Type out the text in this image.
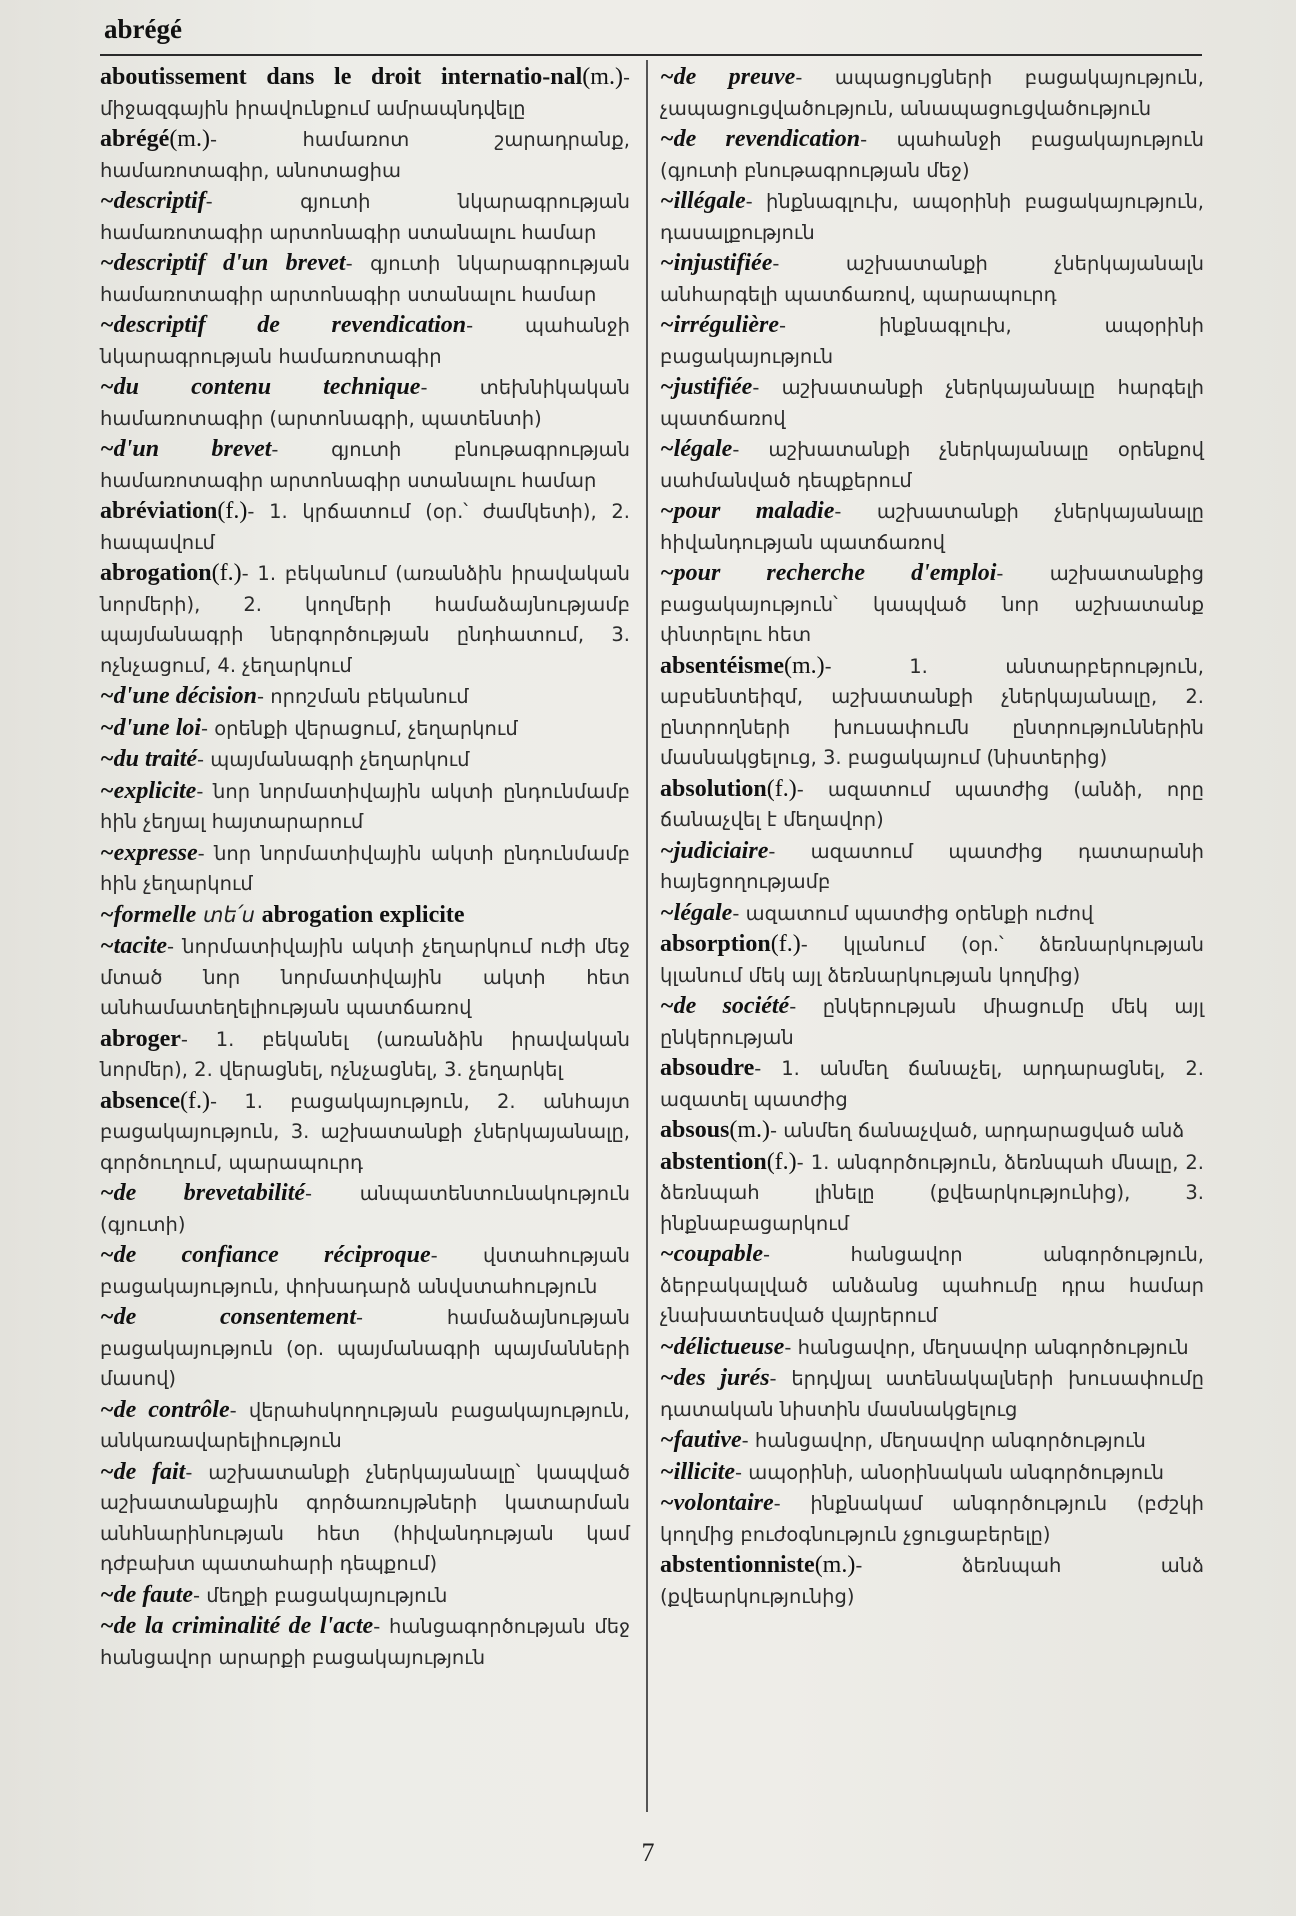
abrégé

aboutissement dans le droit internatio-nal(m.)- միջազգային իրավունքում ամրապնդվելը

abrégé(m.)- համառոտ շարադրանք, համառոտագիր, անոտացիա

~descriptif- գյուտի նկարագրության համառոտագիր արտոնագիր ստանալու համար

~descriptif d'un brevet- գյուտի նկարագրության համառոտագիր արտոնագիր ստանալու համար

~descriptif de revendication- պահանջի նկարագրության համառոտագիր

~du contenu technique- տեխնիկական համառոտագիր (արտոնագրի, պատենտի)

~d'un brevet- գյուտի բնութագրության համառոտագիր արտոնագիր ստանալու համար

abréviation(f.)- 1. կրճատում (օր.՝ ժամկետի), 2. հապավում

abrogation(f.)- 1. բեկանում (առանձին իրավական նորմերի), 2. կողմերի համաձայնությամբ պայմանագրի ներգործության ընդհատում, 3. ոչնչացում, 4. չեղարկում

~d'une décision- որոշման բեկանում

~d'une loi- օրենքի վերացում, չեղարկում

~du traité- պայմանագրի չեղարկում

~explicite- նոր նորմատիվային ակտի ընդունմամբ հին չեղյալ հայտարարում

~expresse- նոր նորմատիվային ակտի ընդունմամբ հին չեղարկում

~formelle տե՛ս abrogation explicite

~tacite- նորմատիվային ակտի չեղարկում ուժի մեջ մտած նոր նորմատիվային ակտի հետ անհամատեղելիության պատճառով

abroger- 1. բեկանել (առանձին իրավական նորմեր), 2. վերացնել, ոչնչացնել, 3. չեղարկել

absence(f.)- 1. բացակայություն, 2. անհայտ բացակայություն, 3. աշխատանքի չներկայանալը, գործուղում, պարապուրդ

~de brevetabilité- անպատենտունակություն (գյուտի)

~de confiance réciproque- վստահության բացակայություն, փոխադարձ անվստահություն

~de consentement- համաձայնության բացակայություն (օր. պայմանագրի պայմանների մասով)

~de contrôle- վերահսկողության բացակայություն, անկառավարելիություն

~de fait- աշխատանքի չներկայանալը՝ կապված աշխատանքային գործառույթների կատարման անհնարինության հետ (հիվանդության կամ դժբախտ պատահարի դեպքում)

~de faute- մեղքի բացակայություն

~de la criminalité de l'acte- հանցագործության մեջ հանցավոր արարքի բացակայություն

~de preuve- ապացույցների բացակայություն, չապացուցվածություն, անապացուցվածություն

~de revendication- պահանջի բացակայություն (գյուտի բնութագրության մեջ)

~illégale- ինքնագլուխ, ապօրինի բացակայություն, դասալքություն

~injustifiée- աշխատանքի չներկայանալն անհարգելի պատճառով, պարապուրդ

~irrégulière- ինքնագլուխ, ապօրինի բացակայություն

~justifiée- աշխատանքի չներկայանալը հարգելի պատճառով

~légale- աշխատանքի չներկայանալը օրենքով սահմանված դեպքերում

~pour maladie- աշխատանքի չներկայանալը հիվանդության պատճառով

~pour recherche d'emploi- աշխատանքից բացակայություն՝ կապված նոր աշխատանք փնտրելու հետ

absentéisme(m.)- 1. անտարբերություն, աբսենտեիզմ, աշխատանքի չներկայանալը, 2. ընտրողների խուսափումն ընտրություններին մասնակցելուց, 3. բացակայում (նիստերից)

absolution(f.)- ազատում պատժից (անձի, որը ճանաչվել է մեղավոր)

~judiciaire- ազատում պատժից դատարանի հայեցողությամբ

~légale- ազատում պատժից օրենքի ուժով

absorption(f.)- կլանում (օր.՝ ձեռնարկության կլանում մեկ այլ ձեռնարկության կողմից)

~de société- ընկերության միացումը մեկ այլ ընկերության

absoudre- 1. անմեղ ճանաչել, արդարացնել, 2. ազատել պատժից

absous(m.)- անմեղ ճանաչված, արդարացված անձ

abstention(f.)- 1. անգործություն, ձեռնպահ մնալը, 2. ձեռնպահ լինելը (քվեարկությունից), 3. ինքնաբացարկում

~coupable- հանցավոր անգործություն, ձերբակալված անձանց պահումը դրա համար չնախատեսված վայրերում

~délictueuse- հանցավոր, մեղսավոր անգործություն

~des jurés- երդվյալ ատենակալների խուսափումը դատական նիստին մասնակցելուց

~fautive- հանցավոր, մեղսավոր անգործություն

~illicite- ապօրինի, անօրինական անգործություն

~volontaire- ինքնակամ անգործություն (բժշկի կողմից բուժօգնություն չցուցաբերելը)

abstentionniste(m.)- ձեռնպահ անձ (քվեարկությունից)

7
